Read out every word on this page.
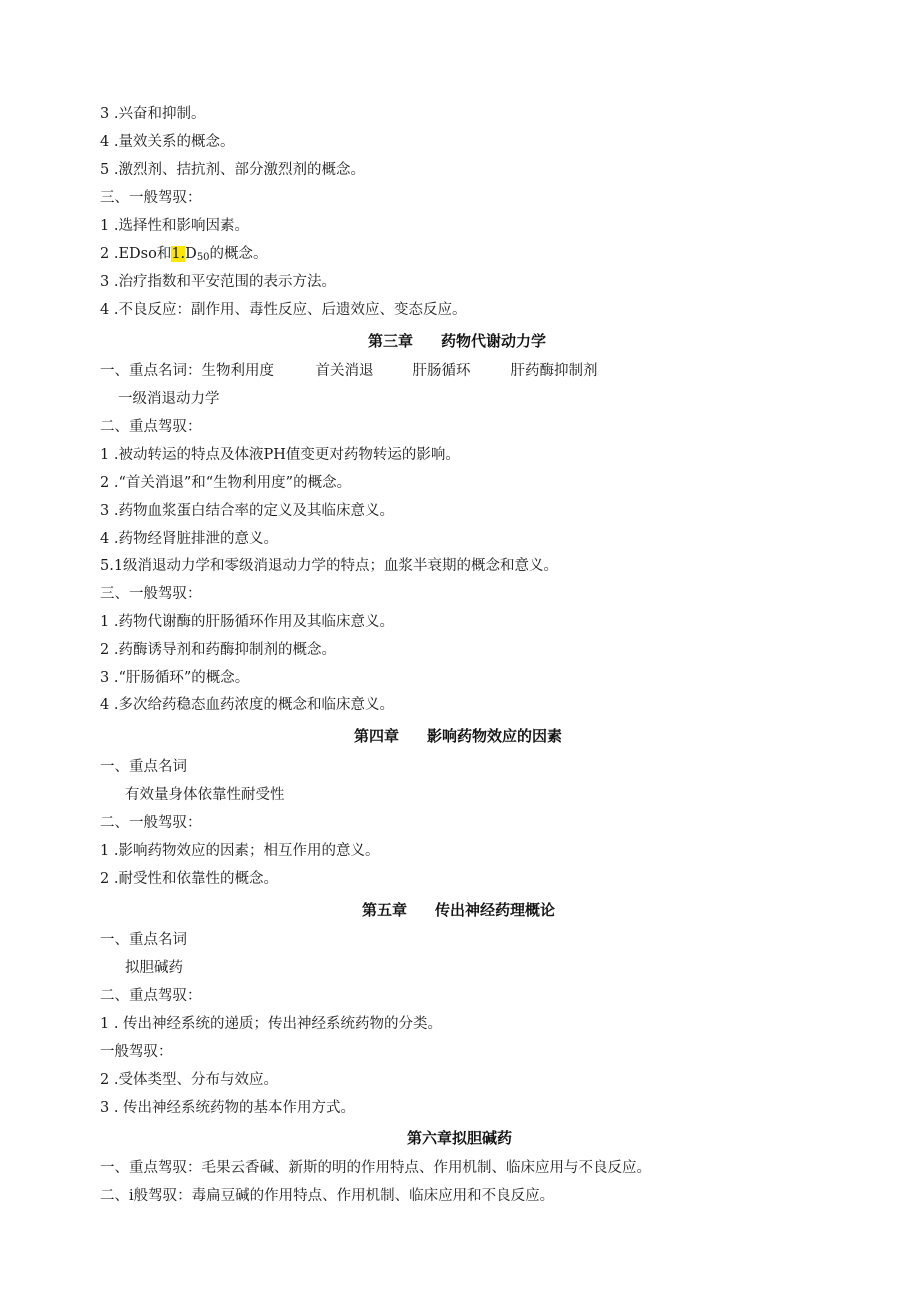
3 .兴奋和抑制。
4 .量效关系的概念。
5 .激烈剂、拮抗剂、部分激烈剂的概念。
三、一般驾驭：
1 .选择性和影响因素。
2 .EDso和$1.D_{50}$的概念。
3 .治疗指数和平安范围的表示方法。
4 .不良反应：副作用、毒性反应、后遗效应、变态反应。
第三章 药物代谢动力学
一、重点名词：生物利用度	首关消退	肝肠循环	肝药酶抑制剂
一级消退动力学
二、重点驾驭：
1 .被动转运的特点及体液PH值变更对药物转运的影响。
2 .“首关消退”和“生物利用度”的概念。
3 .药物血浆蛋白结合率的定义及其临床意义。
4 .药物经肾脏排泄的意义。
5.1级消退动力学和零级消退动力学的特点；血浆半衰期的概念和意义。
三、一般驾驭：
1 .药物代谢酶的肝肠循环作用及其临床意义。
2 .药酶诱导剂和药酶抑制剂的概念。
3 .“肝肠循环”的概念。
4 .多次给药稳态血药浓度的概念和临床意义。
第四章 影响药物效应的因素
一、重点名词
有效量身体依靠性耐受性
二、一般驾驭：
1 .影响药物效应的因素；相互作用的意义。
2 .耐受性和依靠性的概念。
第五章 传出神经药理概论
一、重点名词
拟胆碱药
二、重点驾驭：
1 . 传出神经系统的递质；传出神经系统药物的分类。
一般驾驭：
2 .受体类型、分布与效应。
3 . 传出神经系统药物的基本作用方式。
第六章拟胆碱药
一、重点驾驭：毛果云香碱、新斯的明的作用特点、作用机制、临床应用与不良反应。
二、i般驾驭：毒扁豆碱的作用特点、作用机制、临床应用和不良反应。
